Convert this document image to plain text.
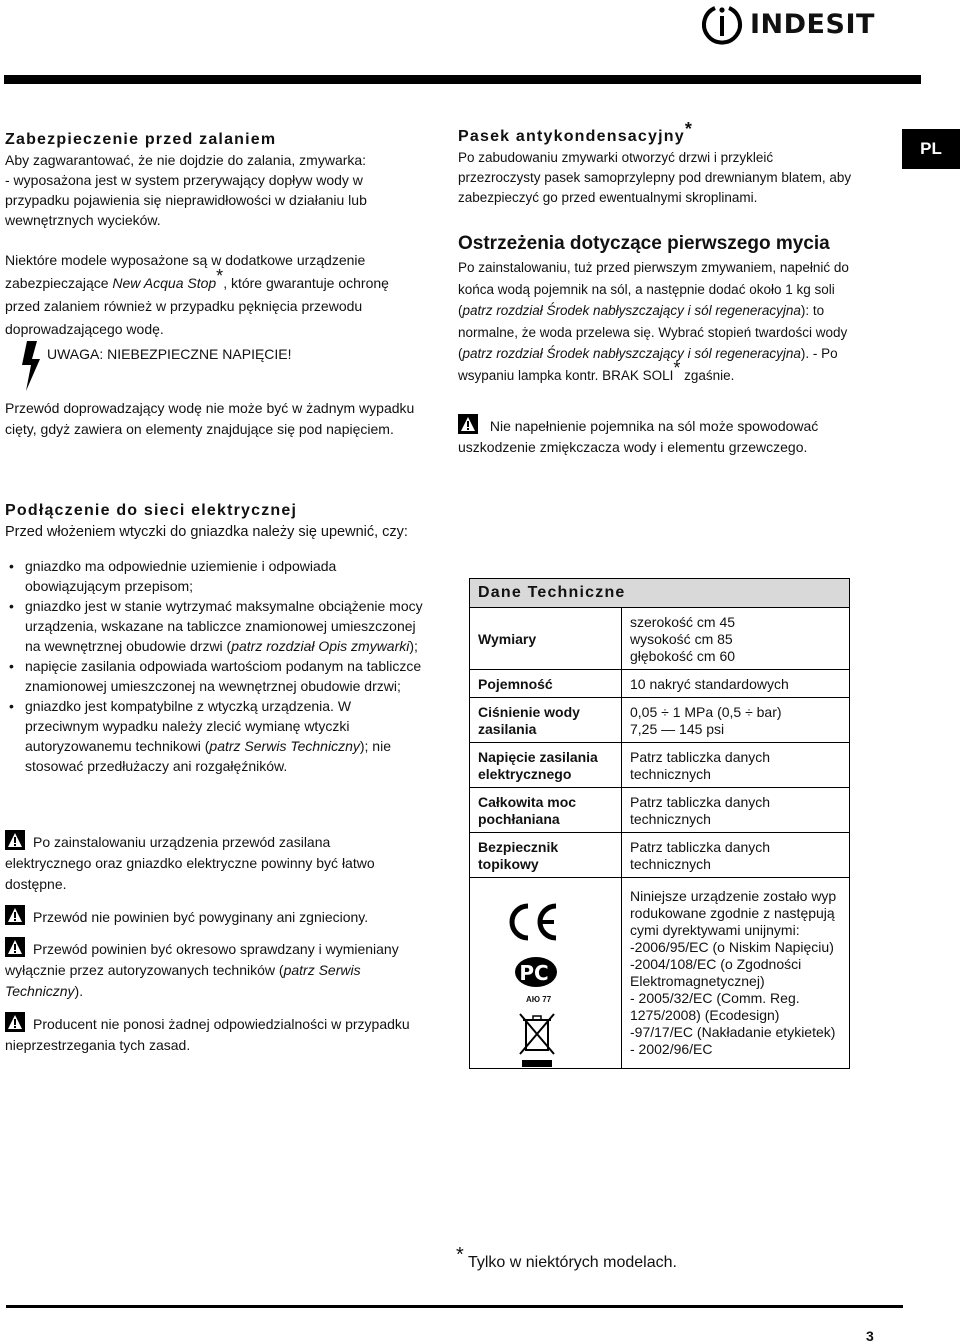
INDESIT
PL
Zabezpieczenie przed zalaniem

Aby zagwarantować, że nie dojdzie do zalania, zmywarka:

- wyposażona jest w system przerywający dopływ wody w przypadku pojawienia się nieprawidłowości w działaniu lub wewnętrznych wycieków.

Niektóre modele wyposażone są w dodatkowe urządzenie zabezpieczające New Acqua Stop*, które gwarantuje ochronę przed zalaniem również w przypadku pęknięcia przewodu doprowadzającego wodę.

UWAGA: NIEBEZPIECZNE NAPIĘCIE!

Przewód doprowadzający wodę nie może być w żadnym wypadku cięty, gdyż zawiera on elementy znajdujące się pod napięciem.

Pasek antykondensacyjny*

Po zabudowaniu zmywarki otworzyć drzwi i przykleić przezroczysty pasek samoprzylepny pod drewnianym blatem, aby zabezpieczyć go przed ewentualnymi skroplinami.

Ostrzeżenia dotyczące pierwszego mycia

Po zainstalowaniu, tuż przed pierwszym zmywaniem, napełnić do końca wodą pojemnik na sól, a następnie dodać około 1 kg soli (patrz rozdział Środek nabłyszczający i sól regeneracyjna): to normalne, że woda przelewa się. Wybrać stopień twardości wody (patrz rozdział Środek nabłyszczający i sól regeneracyjna). - Po wsypaniu lampka kontr. BRAK SOLI* zgaśnie.

Nie napełnienie pojemnika na sól może spowodować uszkodzenie zmiękczacza wody i elementu grzewczego.

Podłączenie do sieci elektrycznej

Przed włożeniem wtyczki do gniazdka należy się upewnić, czy:

• gniazdko ma odpowiednie uziemienie i odpowiada obowiązującym przepisom;
• gniazdko jest w stanie wytrzymać maksymalne obciążenie mocy urządzenia, wskazane na tabliczce znamionowej umieszczonej na wewnętrznej obudowie drzwi (patrz rozdział Opis zmywarki);
• napięcie zasilania odpowiada wartościom podanym na tabliczce znamionowej umieszczonej na wewnętrznej obudowie drzwi;
• gniazdko jest kompatybilne z wtyczką urządzenia. W przeciwnym wypadku należy zlecić wymianę wtyczki autoryzowanemu technikowi (patrz Serwis Techniczny); nie stosować przedłużaczy ani rozgałęźników.

Po zainstalowaniu urządzenia przewód zasilana elektrycznego oraz gniazdko elektryczne powinny być łatwo dostępne.

Przewód nie powinien być powyginany ani zgnieciony.

Przewód powinien być okresowo sprawdzany i wymieniany wyłącznie przez autoryzowanych techników (patrz Serwis Techniczny).

Producent nie ponosi żadnej odpowiedzialności w przypadku nieprzestrzegania tych zasad.

Dane Techniczne
Wymiary
szerokość cm 45
wysokość cm 85
głębokość cm 60
Pojemność	10 nakryć standardowych
Ciśnienie wody zasilania
0,05 ÷ 1 MPa (0,5 ÷ bar)
7,25 — 145 psi
Napięcie zasilania elektrycznego
Patrz tabliczka danych technicznych
Całkowita moc pochłaniana
Patrz tabliczka danych technicznych
Bezpiecznik topikowy
Patrz tabliczka danych technicznych
PC
АЮ 77
Niniejsze urządzenie zostało wyp rodukowane zgodnie z następują cymi dyrektywami unijnymi:
-2006/95/EC (o Niskim Napięciu)
-2004/108/EC (o Zgodności Elektromagnetycznej)
- 2005/32/EC (Comm. Reg. 1275/2008) (Ecodesign)
-97/17/EC (Nakładanie etykietek)
- 2002/96/EC
* Tylko w niektórych modelach.
3
